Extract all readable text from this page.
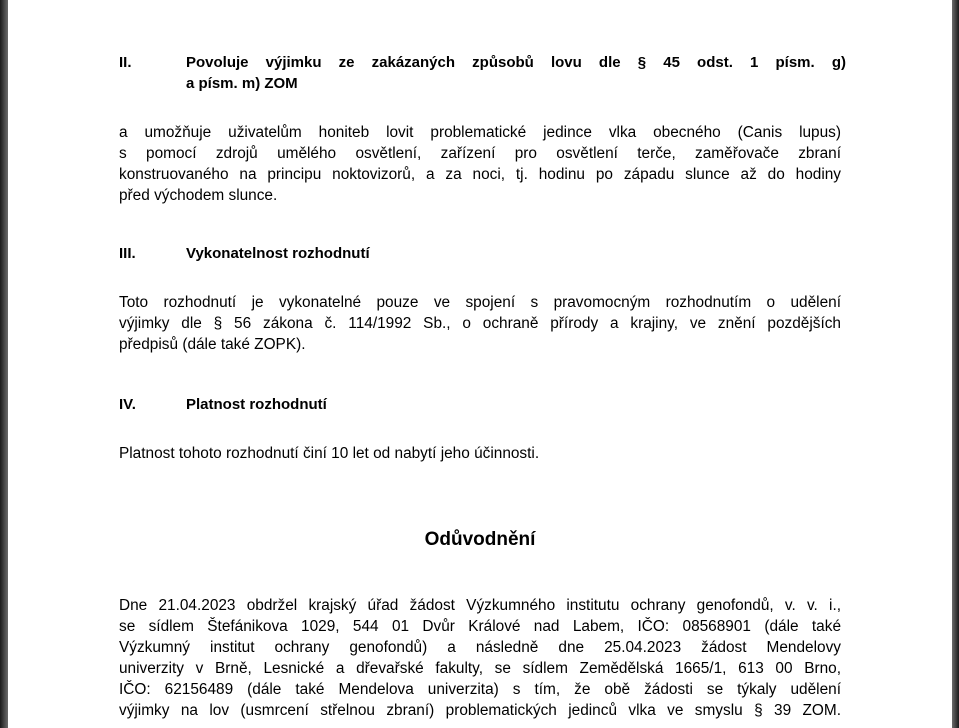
II.	Povoluje výjimku ze zakázaných způsobů lovu dle § 45 odst. 1 písm. g)
a písm. m) ZOM
a umožňuje uživatelům honiteb lovit problematické jedince vlka obecného (Canis lupus)
s pomocí zdrojů umělého osvětlení, zařízení pro osvětlení terče, zaměřovače zbraní
konstruovaného na principu noktovizorů, a za noci, tj. hodinu po západu slunce až do hodiny
před východem slunce.
III.	Vykonatelnost rozhodnutí
Toto rozhodnutí je vykonatelné pouze ve spojení s pravomocným rozhodnutím o udělení
výjimky dle § 56 zákona č. 114/1992 Sb., o ochraně přírody a krajiny, ve znění pozdějších
předpisů (dále také ZOPK).
IV.	Platnost rozhodnutí
Platnost tohoto rozhodnutí činí 10 let od nabytí jeho účinnosti.
Odůvodnění
Dne 21.04.2023 obdržel krajský úřad žádost Výzkumného institutu ochrany genofondů, v. v. i.,
se sídlem Štefánikova 1029, 544 01 Dvůr Králové nad Labem, IČO: 08568901 (dále také
Výzkumný institut ochrany genofondů) a následně dne 25.04.2023 žádost Mendelovy
univerzity v Brně, Lesnické a dřevařské fakulty, se sídlem Zemědělská 1665/1, 613 00 Brno,
IČO: 62156489 (dále také Mendelova univerzita) s tím, že obě žádosti se týkaly udělení
výjimky na lov (usmrcení střelnou zbraní) problematických jedinců vlka ve smyslu § 39 ZOM.
